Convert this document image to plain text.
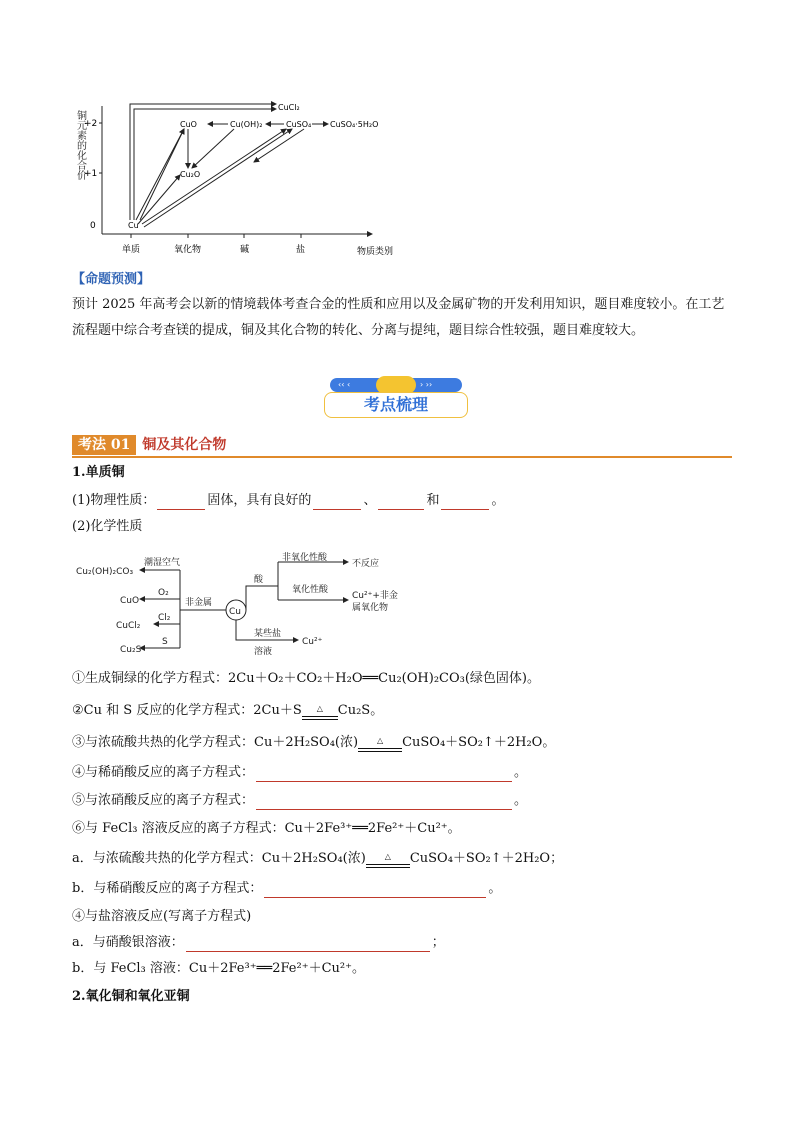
铜元素的化合价
+2
+1
0
单质	氧化物	碱	盐	物质类别
CuCl₂
CuO	Cu(OH)₂	CuSO₄ CuSO₄·5H₂O
Cu₂O
Cu
【命题预测】
预计 2025 年高考会以新的情境载体考查合金的性质和应用以及金属矿物的开发利用知识，题目难度较小。在工艺流程题中综合考查镁的提成，铜及其化合物的转化、分离与提纯，题目综合性较强，题目难度较大。
‹‹ ‹	› ››
考点梳理
考法 01 铜及其化合物
1.单质铜
(1)物理性质：	固体，具有良好的	、	和	。
(2)化学性质
Cu₂(OH)₂CO₃
CuO
CuCl₂
Cu₂S
潮湿空气
O₂
Cl₂
S
非金属
酸
非氧化性酸
不反应
氧化性酸
Cu²⁺+非金
属氧化物
某些盐
溶液
Cu²⁺
Cu
①生成铜绿的化学方程式：2Cu＋O₂＋CO₂＋H₂O══Cu₂(OH)₂CO₃(绿色固体)。
②Cu 和 S 反应的化学方程式：2Cu＋S	△	Cu₂S。
③与浓硫酸共热的化学方程式：Cu＋2H₂SO₄(浓)	△	CuSO₄＋SO₂↑＋2H₂O。
④与稀硝酸反应的离子方程式：	。
⑤与浓硝酸反应的离子方程式：	。
⑥与 FeCl₃ 溶液反应的离子方程式：Cu＋2Fe³⁺══2Fe²⁺＋Cu²⁺。
a．与浓硫酸共热的化学方程式：Cu＋2H₂SO₄(浓)	△	CuSO₄＋SO₂↑＋2H₂O；
b．与稀硝酸反应的离子方程式：	。
④与盐溶液反应(写离子方程式)
a．与硝酸银溶液：	；
b．与 FeCl₃ 溶液：Cu＋2Fe³⁺══2Fe²⁺＋Cu²⁺。
2.氧化铜和氧化亚铜
